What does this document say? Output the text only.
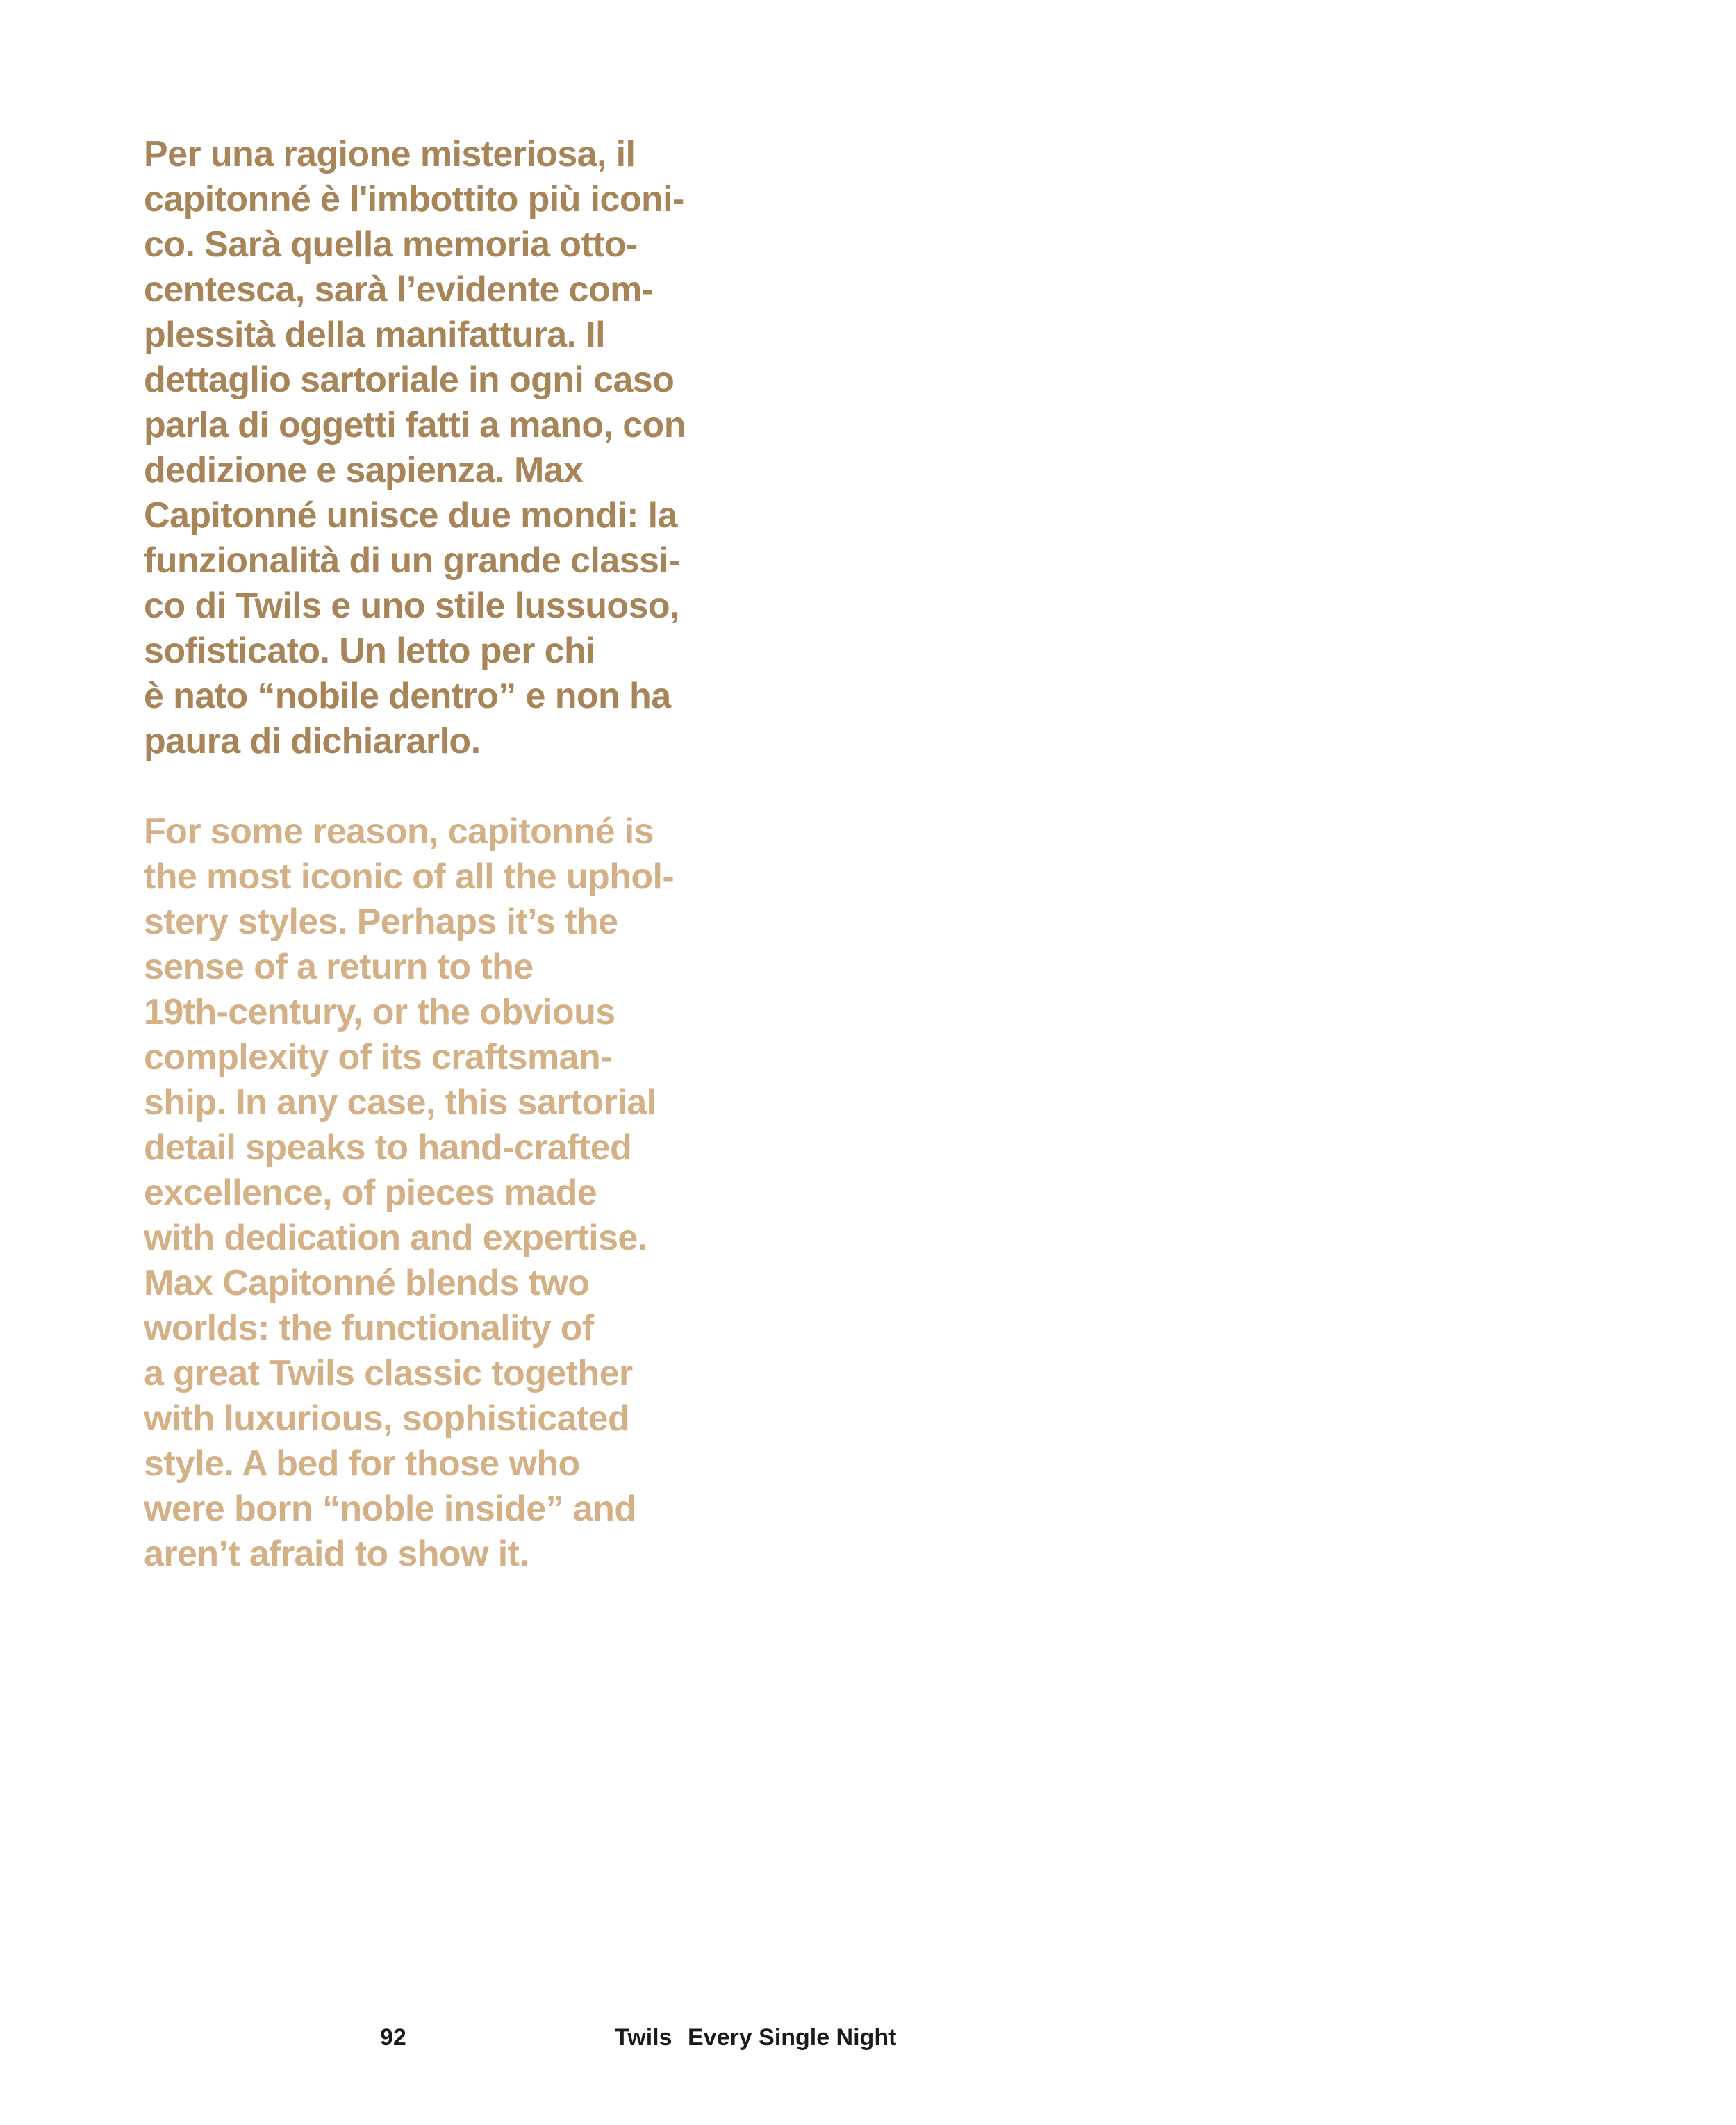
Per una ragione misteriosa, il
capitonné è l'imbottito più iconi-
co. Sarà quella memoria otto-
centesca, sarà l’evidente com-
plessità della manifattura. Il
dettaglio sartoriale in ogni caso
parla di oggetti fatti a mano, con
dedizione e sapienza. Max
Capitonné unisce due mondi: la
funzionalità di un grande classi-
co di Twils e uno stile lussuoso,
sofisticato. Un letto per chi
è nato “nobile dentro” e non ha
paura di dichiararlo.

For some reason, capitonné is
the most iconic of all the uphol-
stery styles. Perhaps it’s the
sense of a return to the
19th-century, or the obvious
complexity of its craftsman-
ship. In any case, this sartorial
detail speaks to hand-crafted
excellence, of pieces made
with dedication and expertise.
Max Capitonné blends two
worlds: the functionality of
a great Twils classic together
with luxurious, sophisticated
style. A bed for those who
were born “noble inside” and
aren’t afraid to show it.

92	Twils Every Single Night
